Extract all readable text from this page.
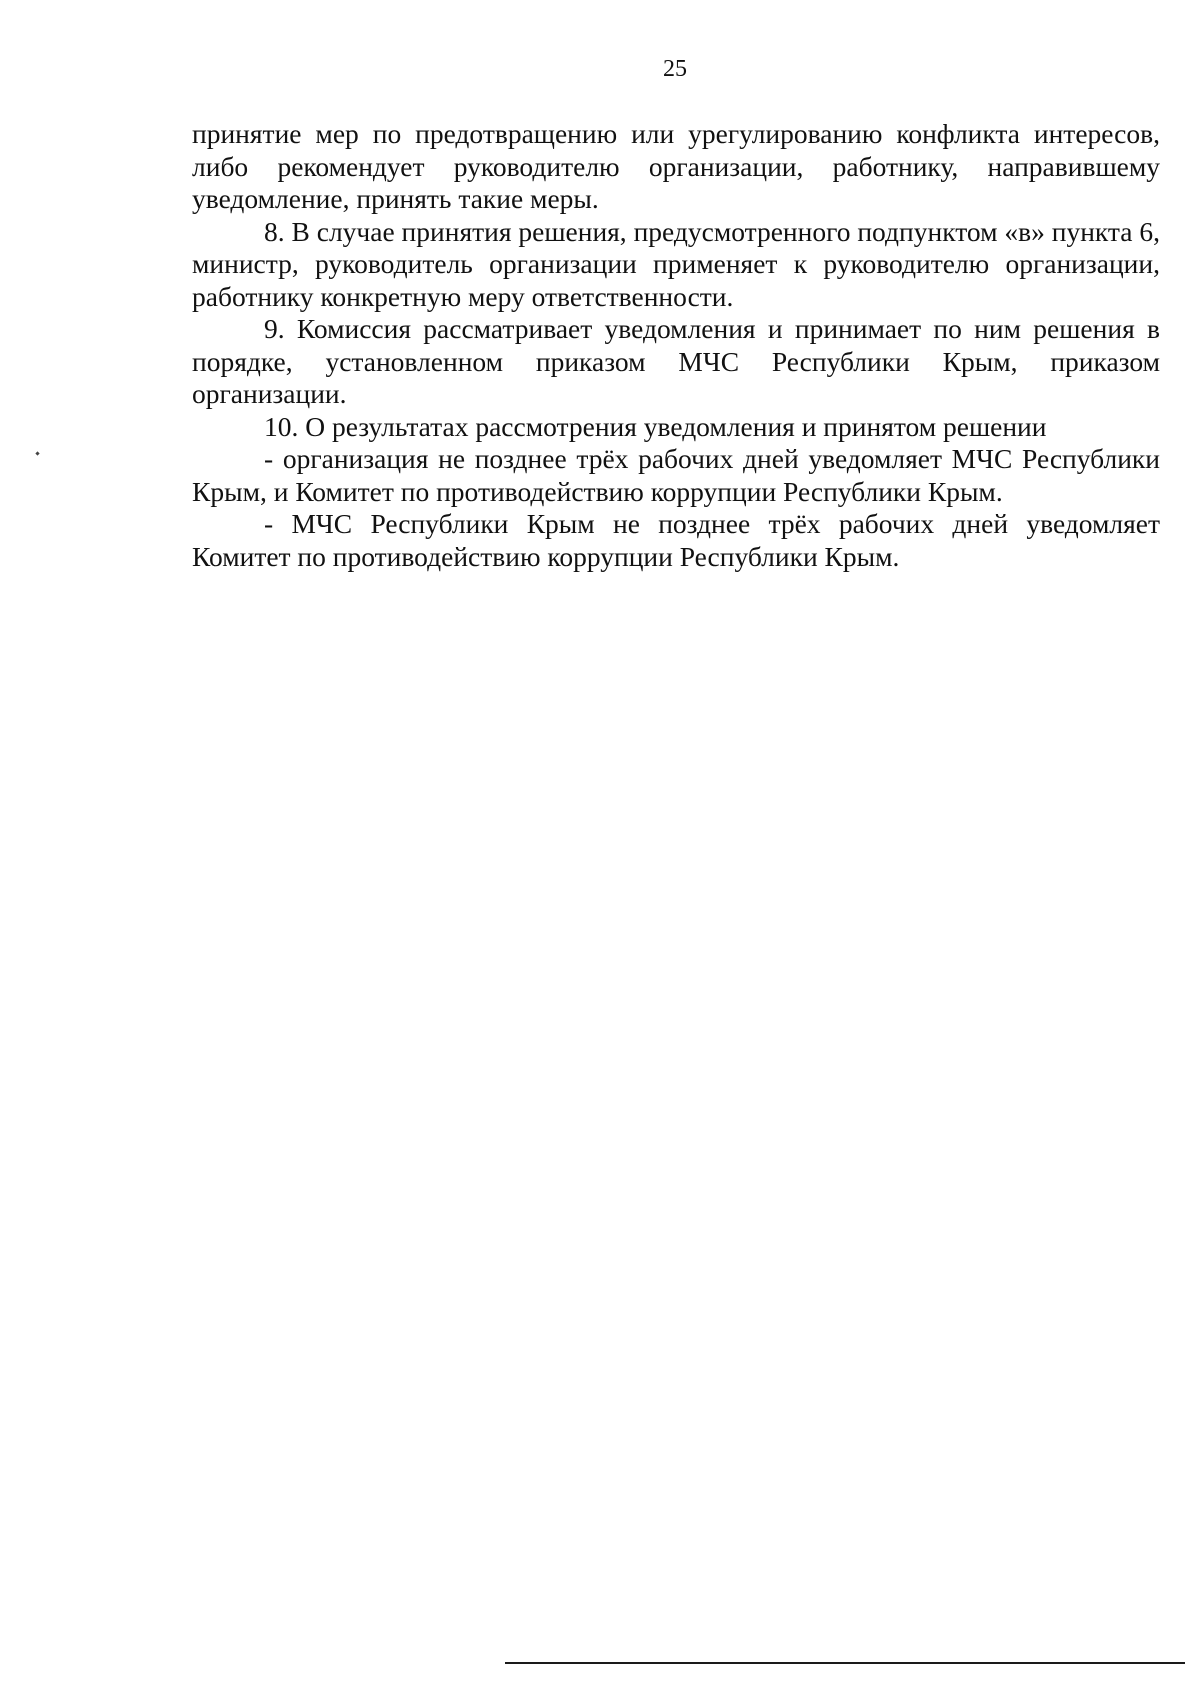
25

принятие мер по предотвращению или урегулированию конфликта интересов, либо рекомендует руководителю организации, работнику, направившему уведомление, принять такие меры.

8. В случае принятия решения, предусмотренного подпунктом «в» пункта 6, министр, руководитель организации применяет к руководителю организации, работнику конкретную меру ответственности.

9. Комиссия рассматривает уведомления и принимает по ним решения в порядке, установленном приказом МЧС Республики Крым, приказом организации.

10. О результатах рассмотрения уведомления и принятом решении

- организация не позднее трёх рабочих дней уведомляет МЧС Республики Крым, и Комитет по противодействию коррупции Республики Крым.

- МЧС Республики Крым не позднее трёх рабочих дней уведомляет Комитет по противодействию коррупции Республики Крым.
